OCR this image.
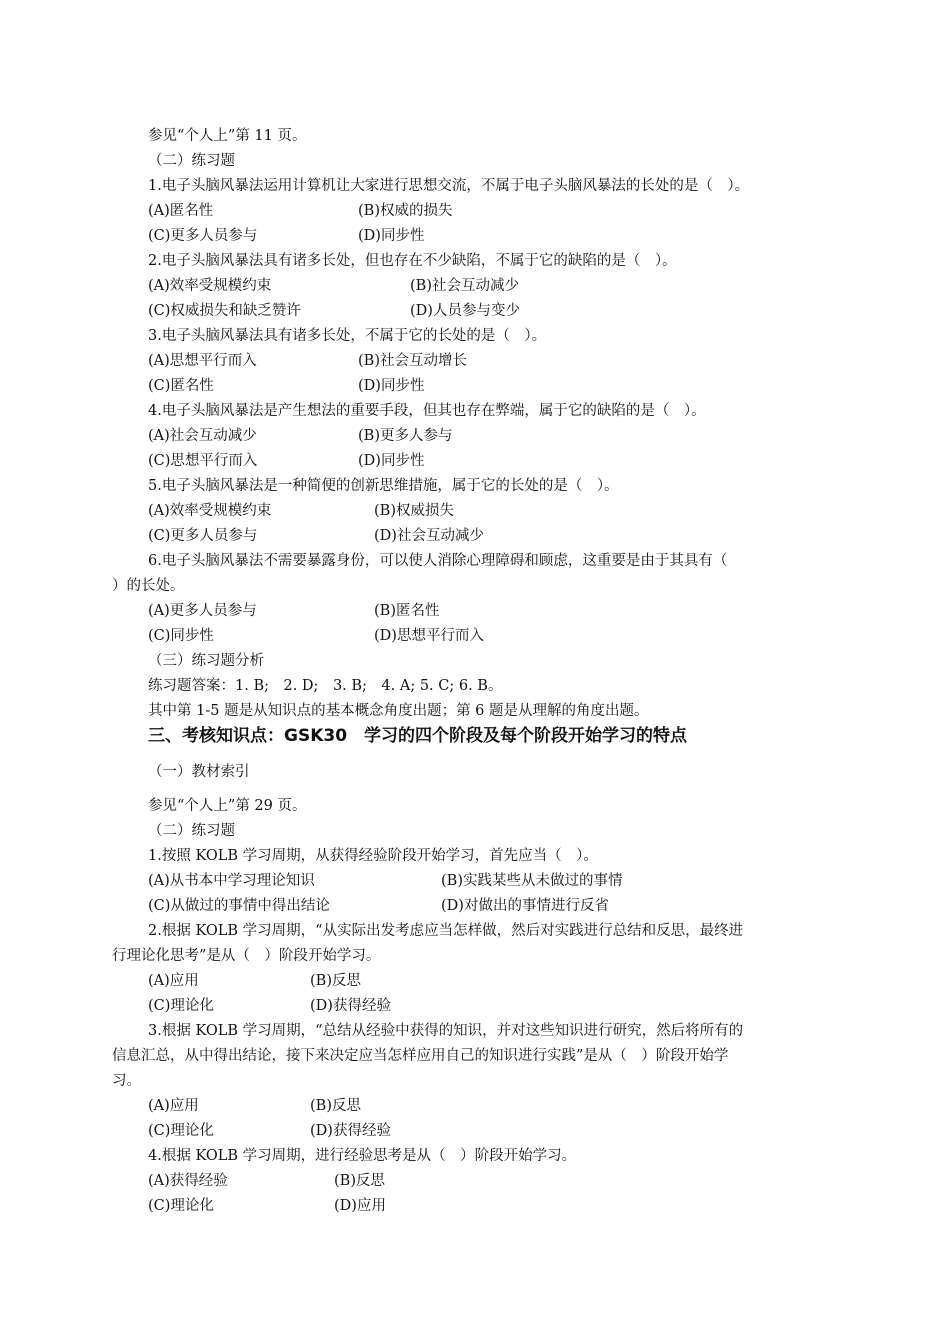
参见“个人上”第 11 页。
（二）练习题
1.电子头脑风暴法运用计算机让大家进行思想交流，不属于电子头脑风暴法的长处的是（　）。
(A)匿名性	(B)权威的损失
(C)更多人员参与	(D)同步性
2.电子头脑风暴法具有诸多长处，但也存在不少缺陷，不属于它的缺陷的是（　）。
(A)效率受规模约束	(B)社会互动减少
(C)权威损失和缺乏赞许	(D)人员参与变少
3.电子头脑风暴法具有诸多长处，不属于它的长处的是（　）。
(A)思想平行而入	(B)社会互动增长
(C)匿名性	(D)同步性
4.电子头脑风暴法是产生想法的重要手段，但其也存在弊端，属于它的缺陷的是（　）。
(A)社会互动减少	(B)更多人参与
(C)思想平行而入	(D)同步性
5.电子头脑风暴法是一种简便的创新思维措施，属于它的长处的是（　）。
(A)效率受规模约束	(B)权威损失
(C)更多人员参与	(D)社会互动减少
6.电子头脑风暴法不需要暴露身份，可以使人消除心理障碍和顾虑，这重要是由于其具有（
）的长处。
(A)更多人员参与	(B)匿名性
(C)同步性	(D)思想平行而入
（三）练习题分析
练习题答案：1. B;　2. D;　3. B;　4. A; 5. C; 6. B。
其中第 1-5 题是从知识点的基本概念角度出题；第 6 题是从理解的角度出题。
三、考核知识点：GSK30　学习的四个阶段及每个阶段开始学习的特点
（一）教材索引
参见“个人上”第 29 页。
（二）练习题
1.按照 KOLB 学习周期，从获得经验阶段开始学习，首先应当（　）。
(A)从书本中学习理论知识	(B)实践某些从未做过的事情
(C)从做过的事情中得出结论	(D)对做出的事情进行反省
2.根据 KOLB 学习周期，“从实际出发考虑应当怎样做，然后对实践进行总结和反思，最终进
行理论化思考”是从（　）阶段开始学习。
(A)应用	(B)反思
(C)理论化	(D)获得经验
3.根据 KOLB 学习周期，“总结从经验中获得的知识，并对这些知识进行研究，然后将所有的
信息汇总，从中得出结论，接下来决定应当怎样应用自己的知识进行实践”是从（　）阶段开始学
习。
(A)应用	(B)反思
(C)理论化	(D)获得经验
4.根据 KOLB 学习周期，进行经验思考是从（　）阶段开始学习。
(A)获得经验	(B)反思
(C)理论化	(D)应用
